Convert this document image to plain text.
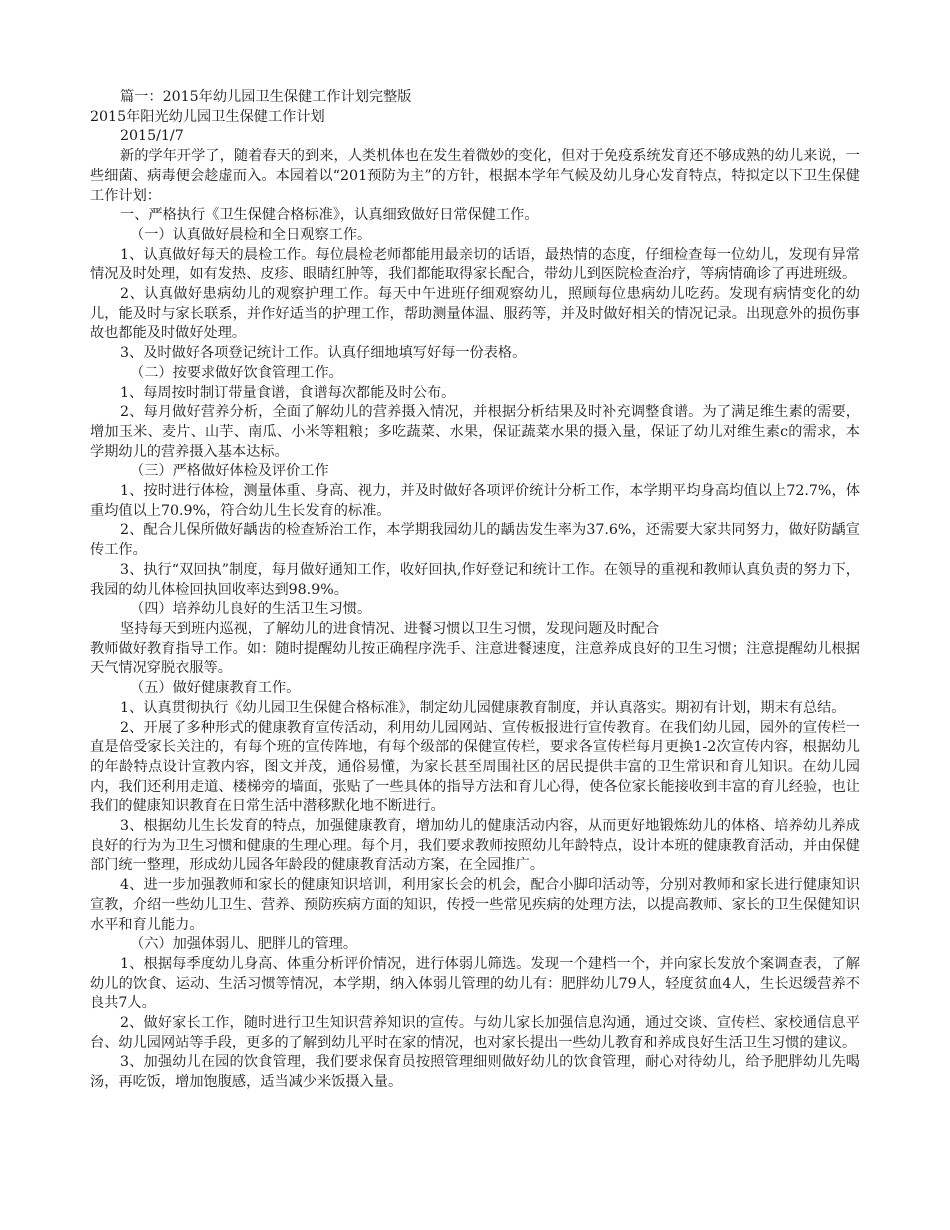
篇一：2015年幼儿园卫生保健工作计划完整版
2015年阳光幼儿园卫生保健工作计划
2015/1/7

新的学年开学了，随着春天的到来，人类机体也在发生着微妙的变化，但对于免疫系统发育还不够成熟的幼儿来说，一些细菌、病毒便会趁虚而入。本园着以“201预防为主”的方针，根据本学年气候及幼儿身心发育特点，特拟定以下卫生保健工作计划：

一、严格执行《卫生保健合格标准》，认真细致做好日常保健工作。

（一）认真做好晨检和全日观察工作。

1、认真做好每天的晨检工作。每位晨检老师都能用最亲切的话语，最热情的态度，仔细检查每一位幼儿，发现有异常情况及时处理，如有发热、皮疹、眼睛红肿等，我们都能取得家长配合，带幼儿到医院检查治疗，等病情确诊了再进班级。

2、认真做好患病幼儿的观察护理工作。每天中午进班仔细观察幼儿，照顾每位患病幼儿吃药。发现有病情变化的幼儿，能及时与家长联系，并作好适当的护理工作，帮助测量体温、服药等，并及时做好相关的情况记录。出现意外的损伤事故也都能及时做好处理。

3、及时做好各项登记统计工作。认真仔细地填写好每一份表格。

（二）按要求做好饮食管理工作。

1、每周按时制订带量食谱，食谱每次都能及时公布。

2、每月做好营养分析，全面了解幼儿的营养摄入情况，并根据分析结果及时补充调整食谱。为了满足维生素的需要，增加玉米、麦片、山芋、南瓜、小米等粗粮；多吃蔬菜、水果，保证蔬菜水果的摄入量，保证了幼儿对维生素c的需求，本学期幼儿的营养摄入基本达标。

（三）严格做好体检及评价工作

1、按时进行体检，测量体重、身高、视力，并及时做好各项评价统计分析工作，本学期平均身高均值以上72.7%，体重均值以上70.9%，符合幼儿生长发育的标准。

2、配合儿保所做好龋齿的检查矫治工作，本学期我园幼儿的龋齿发生率为37.6%，还需要大家共同努力，做好防龋宣传工作。

3、执行“双回执”制度，每月做好通知工作，收好回执,作好登记和统计工作。在领导的重视和教师认真负责的努力下，我园的幼儿体检回执回收率达到98.9%。

（四）培养幼儿良好的生活卫生习惯。

坚持每天到班内巡视，了解幼儿的进食情况、进餐习惯以卫生习惯，发现问题及时配合

教师做好教育指导工作。如：随时提醒幼儿按正确程序洗手、注意进餐速度，注意养成良好的卫生习惯；注意提醒幼儿根据天气情况穿脱衣服等。

（五）做好健康教育工作。

1、认真贯彻执行《幼儿园卫生保健合格标准》，制定幼儿园健康教育制度，并认真落实。期初有计划，期末有总结。

2、开展了多种形式的健康教育宣传活动，利用幼儿园网站、宣传板报进行宣传教育。在我们幼儿园，园外的宣传栏一直是倍受家长关注的，有每个班的宣传阵地，有每个级部的保健宣传栏，要求各宣传栏每月更换1-2次宣传内容，根据幼儿的年龄特点设计宣教内容，图文并茂，通俗易懂，为家长甚至周围社区的居民提供丰富的卫生常识和育儿知识。在幼儿园内，我们还利用走道、楼梯旁的墙面，张贴了一些具体的指导方法和育儿心得，使各位家长能接收到丰富的育儿经验，也让我们的健康知识教育在日常生活中潜移默化地不断进行。

3、根据幼儿生长发育的特点，加强健康教育，增加幼儿的健康活动内容，从而更好地锻炼幼儿的体格、培养幼儿养成良好的行为为卫生习惯和健康的生理心理。每个月，我们要求教师按照幼儿年龄特点，设计本班的健康教育活动，并由保健部门统一整理，形成幼儿园各年龄段的健康教育活动方案，在全园推广。

4、进一步加强教师和家长的健康知识培训，利用家长会的机会，配合小脚印活动等，分别对教师和家长进行健康知识宣教，介绍一些幼儿卫生、营养、预防疾病方面的知识，传授一些常见疾病的处理方法，以提高教师、家长的卫生保健知识水平和育儿能力。

（六）加强体弱儿、肥胖儿的管理。

1、根据每季度幼儿身高、体重分析评价情况，进行体弱儿筛选。发现一个建档一个，并向家长发放个案调查表，了解幼儿的饮食、运动、生活习惯等情况，本学期，纳入体弱儿管理的幼儿有：肥胖幼儿79人，轻度贫血4人，生长迟缓营养不良共7人。

2、做好家长工作，随时进行卫生知识营养知识的宣传。与幼儿家长加强信息沟通，通过交谈、宣传栏、家校通信息平台、幼儿园网站等手段，更多的了解到幼儿平时在家的情况，也对家长提出一些幼儿教育和养成良好生活卫生习惯的建议。

3、加强幼儿在园的饮食管理，我们要求保育员按照管理细则做好幼儿的饮食管理，耐心对待幼儿，给予肥胖幼儿先喝汤，再吃饭，增加饱腹感，适当减少米饭摄入量。
